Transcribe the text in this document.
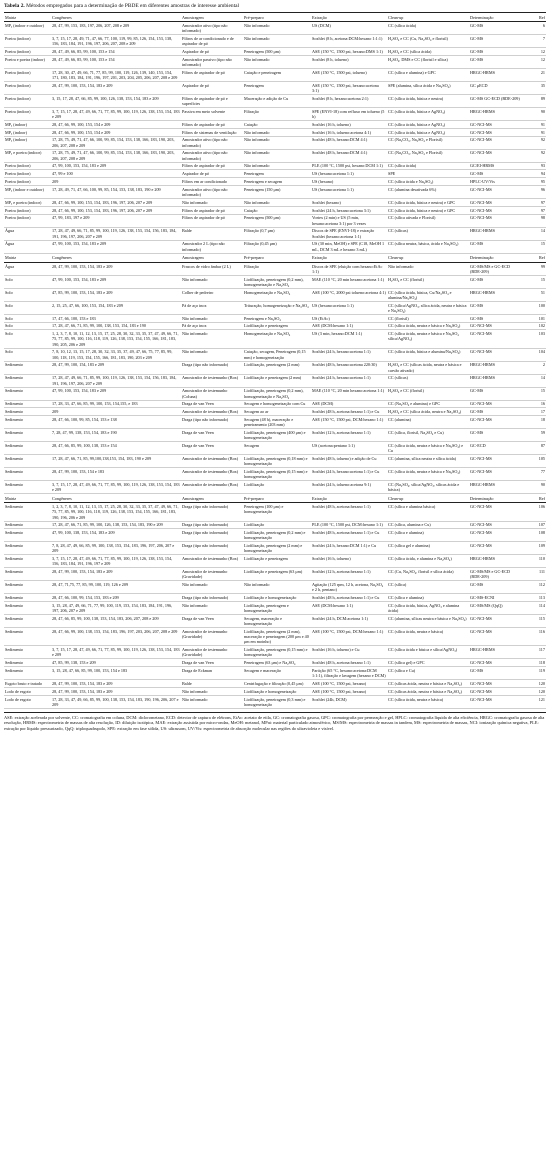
Tabela 2. Métodos empregados para a determinação de PBDE em diferentes amostras de interesse ambiental
Matriz	Congêneres	Amostragem	Pré-preparo	Extração	Clean-up	Determinação	Ref
MPₐ (indoor e outdoor)	28, 47, 99, 153, 183, 197, 206, 207, 208 e 209	Amostrador ativo (tipo não informado)	Não informado	US (DCM)	CC (sílica ácida)	GC-MS	6
Poeira (indoor)	3, 7, 15, 17, 28, 49, 71, 47, 66, 77, 100, 119, 99, 85, 126, 154, 153, 138, 156, 183, 184, 191, 196, 197, 206, 207, 208 e 209	Filtros de ar condicionado e de aspirador de pó	Não informado	Soxhlet (8 h, acetona:DCM:hexano 1:1:1)	H₂SO₄ e CC (Cu, Na₂SO₄ e florisil)	GC-MS	7
Poeira (indoor)	28, 47, 49, 66, 85, 99, 100, 153 e 154	Aspirador de pó	Peneiragem (500 μm)	ASE (150 °C, 1500 psi, hexano:DMS 1:1)	H₂SO₄ e CC (sílica ácida)	GC-MS	12
Poeira e poeira (indoor)	28, 47, 49, 66, 85, 99, 100, 153 e 154	Amostrador passivo (tipo não informado)	Não informado	Soxhlet (8 h, tolueno)	H₂SO₄, DMS e CC (florisil e sílica)	GC-MS	12
Poeira (indoor)	17, 28, 30, 47, 49, 66, 71, 77, 85, 99, 100, 119, 126, 139, 140, 153, 154, 171, 180, 183, 184, 191, 196, 197, 201, 203, 204, 205, 206, 207, 208 e 209	Filtros de aspirador de pó	Catação e peneiragem	ASE (150 °C, 1500 psi, tolueno)	CC (sílica e alumina) e GPC	HRGC-HRMS	21
Poeira (indoor)	28, 47, 99, 100, 153, 154, 183 e 209	Aspirador de pó	Peneiragem	ASE (150 °C, 1500 psi, hexano:acetona 3:1)	SPE (alumina, sílica ácida e Na₂SO₄)	GC μECD	35
Poeira (indoor)	3, 15, 17, 28, 47, 66, 85, 99, 100, 126, 138, 153, 154, 183 e 209	Filtros de aspirador de pó e superfícies	Maceração e adição de Cu	Soxhlet (8 h, hexano:acetona 2:1)	CC (sílica ácida, básica e neutra)	GC-MS GC-ECD (BDE-209)	89
Poeira (indoor)	3, 7, 15, 17, 28, 47, 49, 66, 71, 77, 85, 99, 100, 119, 126, 138, 153, 154, 183 e 209	Passiva em meio solvente	Filtração	SPE (ENVI-18) com refluxo em tolueno (5 h)	CC (sílica ácida, básica e AgNO₃)	HRGC-HRMS	90
MPₐ (indoor)	28, 47, 66, 99, 100, 153, 154 e 209	Filtros de aspirador de pó	Catação	Soxhlet (16 h, tolueno)	CC (sílica ácida, básica e AgNO₃)	GC-NCI-MS	91
MPₐ (indoor)	28, 47, 66, 99, 100, 153, 154 e 209	Filtros de sistemas de ventilação	Não informado	Soxhlet (16 h, tolueno:acetona 4:1)	CC (sílica ácida, básica e AgNO₃)	GC-NCI-MS	91
MPₐ (indoor)	17, 28, 75, 49, 71, 47, 66, 100, 99, 85, 154, 153, 138, 166, 183, 190, 203, 206, 207, 208 e 209	Amostrador ativo (tipo não informado)	Não informado	Soxhlet (48 h, hexano:DCM 4:1)	CC (Na₂CO₃, Na₂SO₄ e Florisil)	GC-NCI-MS	92
MPₐ e poeira (indoor)	17, 28, 75, 49, 71, 47, 66, 100, 99, 85, 154, 153, 138, 166, 183, 190, 203, 206, 207, 208 e 209	Amostrador ativo (tipo não informado)	Não informado	Soxhlet (48 h, hexano:DCM 4:1)	CC (Na₂CO₃, Na₂SO₄ e Florisil)	GC-NCI-MS	92
Poeira (indoor)	47, 99, 100, 153, 154, 183 e 209	Filtros de aspirador de pó	Não informado	PLE (100 °C, 1500 psi, hexano:DCM 1:1)	CC (sílica ácida)	GC/EI-HRMS	93
Poeira (indoor)	47, 99 e 100	Aspirador de pó	Peneiragem	US (hexano:acetona 1:1)	SPE	GC-MS	94
Poeira (indoor)	209	Filtros em ar condicionado	Peneiragem e secagem	US (hexano)	CC (sílica ácida e Na₂SO₄)	HPLC-UV/Vis	95
MPₐ (indoor e outdoor)	17, 28, 49, 71, 47, 66, 100, 99, 85, 154, 153, 138, 183, 190 e 209	Amostrador ativo (tipo não informado)	Peneiragem (150 μm)	US (hexano:acetona 1:1)	CC (alumina desativada 6%)	GC-NCI-MS	96
MPₐ e poeira (indoor)	28, 47, 66, 99, 100, 153, 154, 183, 196, 197, 206, 207 e 209	Não informado	Não informado	Soxhlet (hexano)	CC (sílica ácida, básica e neutra) e GPC	GC-NCI-MS	97
Poeira (indoor)	28, 47, 66, 99, 100, 153, 154, 183, 196, 197, 206, 207 e 209	Filtros de aspirador de pó	Catação	Soxhlet (24 h, hexano:acetona 3:1)	CC (sílica ácida, básica e neutra) e GPC	GC-NCI-MS	97
Poeira (indoor)	47, 99, 183, 197 e 209	Filtros de aspirador de pó	Peneiragem (500 μm)	Vortex (2 min) e US (5 min, hexano:acetona 3:1) por 3 vezes	CC (sílica ativada e Florisil)	GC-NCI-MS	98
Água	17, 28, 47, 49, 66, 71, 85, 99, 100, 119, 126, 138, 153, 154, 156, 183, 184, 191, 196, 197, 206, 207 e 209	Balde	Filtração (0,7 μm)	Discos de SPE (ENVI-18) e extração Soxhlet (hexano:acetona 1:1)	CC (sílicas)	HRGC-HRMS	14
Água	47, 99, 100, 153, 154, 183 e 209	Amostrador 2 L (tipo não informado)	Filtração (0,45 μm)	US (30 min, MeOH) e SPE (C18, MeOH 1 mL, DCM 3 mL e hexano 3 mL)	CC (sílica neutra, básica, ácida e Na₂SO₄)	GC-MS	15
Matriz	Congêneres	Amostragem	Pré-preparo	Extração	Clean-up	Determinação	Ref
Água	28, 47, 99, 100, 153, 154, 183 e 209	Frascos de vidro âmbar (2 L)	Filtração	Discos de SPE (eluição com hexano:EtAc 1:1)	Não informado	GC-MS/MS e GC-ECD (BDE-209)	99
Solo	47, 99, 100, 153, 154, 183 e 209	Não informado	Liofilização, peneiragem (0,2 mm), homogeneização e Na₂SO₄	MAE (110 °C, 20 min hexano:acetona 1:1)	H₂SO₄ e CC (florisil)	GC-MS	15
Solo	47, 85, 99, 100, 153, 154, 183 e 209	Colher de pedreiro	Homogeneização e Na₂SO₄	ASE (100 °C, 2000 psi tolueno:acetona 4:1)	CC (sílica ácida, básica, Cu/Na₂SO₄ e alumina/Na₂SO₄)	HRGC-HRMS	51
Solo	2, 15, 25, 47, 66, 100, 153, 154, 183 e 209	Pá de aço inox	Trituração, homogeneização e Na₂SO₄	US (hexano:acetona 1:1)	CC (sílica/AgNO₃, sílica ácida, neutra e básica e Na₂SO₄)	GC-MS	100
Solo	17, 47, 66, 100, 153 e 183	Não informado	Peneiragem e Na₂SO₄	US (EtAc)	CC (florisil)	GC-MS	101
Solo	17, 28, 47, 66, 71, 85, 99, 100, 138, 153, 154, 183 e 190	Pá de aço inox	Liofilização e peneiragem	ASE (DCM:hexano 1:1)	CC (sílica ácida, neutra e básica e Na₂SO₄)	GC-NCI-MS	102
Solo	1, 2, 3, 7, 8, 10, 11, 12, 13, 15, 17, 25, 28, 30, 32, 33, 35, 37, 47, 49, 66, 71, 75, 77, 85, 99, 100, 116, 118, 119, 126, 138, 153, 154, 155, 166, 181, 183, 190, 205, 206 e 209	Não informado	Homogeneização e Na₂SO₄	US (3 min, hexano:DCM 1:1)	CC (sílica ácida, neutra e básica e Na₂SO₄ sílica/AgNO₃)	GC-NCI-MS	103
Solo	7, 8, 10, 12, 13, 15, 17, 28, 30, 32, 33, 35, 37, 49, 47, 66, 75, 77, 85, 99, 100, 118, 119, 153, 154, 155, 166, 181, 183, 190, 203 e 209	Não informado	Catação, secagem, Peneiragem (0,15 mm) e homogeneização	Soxhlet (24 h, hexano:acetona 1:1)	CC (sílica ácida, básica e alumina/Na₂SO₄)	GC-NCI-MS	104
Sedimento	28, 47, 99, 100, 154, 183 e 209	Draga (tipo não informado)	Liofilização, peneiragem (2 mm)	Soxhlet (48 h, hexano:acetona 220:30)	H₂SO₄ e CC (sílicas ácida, neutra e básica e carvão ativado)	HRGC-HRMS	2
Sedimento	17, 28, 47, 49, 66, 71, 85, 99, 100, 119, 126, 138, 153, 154, 156, 183, 184, 191, 196, 197, 206, 207 e 209	Amostrador de testemunho (Box)	Liofilização e peneiragem (2 mm)	Soxhlet (24 h, hexano:acetona 1:1)	CC (sílicas)	HRGC-HRMS	14
Sedimento	47, 99, 100, 153, 154, 183 e 209	Amostrador de testemunho (Coluna)	Liofilização, peneiragem (0,2 mm), homogeneização e Na₂SO₄	MAE (110 °C, 20 min hexano:acetona 1:1)	H₂SO₄ e CC (florisil)	GC-MS	15
Sedimento	17, 28, 33, 47, 66, 85, 99, 100, 153, 154,155, e 183	Draga de van Veen	Secagem e homogeneização com Cu	ASE (DCM)	CC (Na₂SO₄ e alumina) e GPC	GC-NCI-MS	16
Sedimento	209	Amostrador de testemunho (Box)	Secagem ao ar	Soxhlet (48 h, acetona:hexano 1:1) e Cu	H₂SO₄ e CC (sílica ácida, neutra e Na₂SO₄)	GC-MS	17
Sedimento	28, 47, 66, 100, 99, 85, 154, 153 e 138	Draga (tipo não informado)	Secagem (48 h), maceração e peneiramento (203 mm)	ASE (150 °C, 1500 psi, DCM:hexano 1:1)	CC (alumina)	GC-NCI-MS	18
Sedimento	7, 28, 47, 99, 138, 153, 154, 183 e 190	Draga de van Veen	Liofilização, peneiragem (400 μm) e homogeneização	Soxhlet (12 h, acetona:hexano 1:1)	CC (sílica, florisil, Na₂SO₄ e Cu)	GC-MS	59
Sedimento	28, 47, 66, 85, 99, 100, 138, 153 e 154	Draga de van Veen	Secagem	US (acetona:pentano 1:1)	CC (sílica ácida, neutra e básica e Na₂SO₄) e Cu	GC-ECD	87
Sedimento	17, 28, 47, 66, 71, 85, 99,100,138,153, 154, 183, 190 e 209	Amostrador de testemunho (Box)	Liofilização, peneiragem (0,18 mm) e homogeneização	Soxhlet (48 h, tolueno) e adição de Cu	CC (alumina, sílica neutra e sílica ácida)	GC-NCI-MS	105
Sedimento	28, 47, 99, 100, 153, 154 e 183	Amostrador de testemunho (Box)	Liofilização, peneiragem (0,15 mm) e homogeneização	Soxhlet (24 h, hexano:acetona 1:1) e Cu	CC (sílica ácida, neutra e básica e Na₂SO₄)	GC-NCI-MS	77
Sedimento	3, 7, 15, 17, 28, 47, 49, 66, 71, 77, 85, 99, 100, 119, 126, 138, 153, 154, 183 e 209	Amostrador de testemunho (Box)	Liofilização	Soxhlet (24 h, tolueno:acetona 9:1)	CC (Na₂SO₄, sílica/AgNO₃, sílicas ácida e básica)	HRGC-HRMS	90
Matriz	Congêneres	Amostragem	Pré-preparo	Extração	Clean-up	Determinação	Ref
Sedimento	1, 2, 3, 7, 8, 10, 11, 12, 13, 15, 17, 25, 28, 30, 32, 33, 35, 37, 47, 49, 66, 71, 75, 77, 85, 99, 100, 116, 118, 119, 126, 138, 153, 154, 155, 166, 181, 183, 190, 196, 206 e 209	Draga (tipo não informado)	Peneiragem (100 μm) e homogeneização	Soxhlet (48 h, acetona:hexano 1:1)	CC (sílica e alumina básica)	GC-NCI-MS	106
Sedimento	17, 28, 47, 66, 71, 85, 99, 100, 126, 138, 153, 154, 183, 190 e 209	Draga (tipo não informado)	Liofilização	PLE (100 °C, 1500 psi, DCM:hexano 1:1)	CC (sílica, alumina e Cu)	GC-NCI-MS	107
Sedimento	47, 99, 100, 138, 153, 154, 183 e 209	Draga (tipo não informado)	Liofilização, peneiragem (0,2 mm) e homogeneização	Soxhlet (48 h, acetona:hexano 1:1) e Cu	CC (sílica e alumina)	GC-NCI-MS	108
Sedimento	7, 8, 28, 47, 49, 66, 85, 99, 100, 138, 153, 154, 183, 196, 197, 206, 207 e 209	Draga (tipo não informado)	Liofilização, peneiragem (2 mm) e homogeneização	Soxhlet (24 h, hexano:DCM 1:1) e Cu	CC (sílica gel e alumina)	GC-NCI-MS	109
Sedimento	3, 7, 15, 17, 28, 47, 49, 66, 71, 77, 85, 99, 100, 119, 126, 138, 153, 154, 156, 183, 184, 191, 196, 197 e 209	Amostrador de testemunho (Box)	Liofilização e peneiragem	Soxhlet (16 h, tolueno)	CC (sílica ácida, e alumina e Na₂SO₄)	HRGC-HRMS	110
Sedimento	28, 47, 99, 100, 153, 154, 183 e 209	Amostrador de testemunho (Gravidade)	Liofilização e peneiragem (63 μm)	Soxhlet (12 h, acetona:hexano 1:1)	CC (Cu, Na₂SO₄, florisil e sílica ácida)	GC-MS/MS e GC-ECD (BDE-209)	111
Sedimento	28, 47, 71,75, 77, 85, 99, 100, 119, 126 e 209	Não informado	Não informado	Agitação (125 rpm, 12 h, acetona, Na₂SO₄ e 2 h, pentano)	CC (sílica)	GC-MS	112
Sedimento	28, 47, 66, 100, 99, 154, 153, 183 e 209	Draga (tipo não informado)	Liofilização e homogeneização	Soxhlet (48 h, acetona:hexano 1:1) e Cu	CC (sílica e alumina)	GC-MS-ECNI	113
Sedimento	3, 15, 28, 47, 49, 66, 71, 77, 99, 100, 119, 153, 154, 183, 184, 191, 196, 197, 206, 207 e 209	Não informado	Liofilização, peneiragem e homogeneização	ASE (DCM:hexano 1:1)	CC (sílica ácida, básica, AgNO₃ e alumina ácida)	GC-MS/MS (QqQ)	114
Sedimento	28, 47, 66, 85, 99, 100, 138, 153, 154, 183, 206, 207, 208 e 209	Draga de van Veen	Secagem, maceração e homogeneização	Soxhlet (24 h, DCM:acetona 1:1)	CC (alumina, sílicas neutra e básica e Na₂SO₄)	GC-NCI-MS	115
Sedimento	28, 47, 66, 99, 100, 138, 153, 154, 183, 196, 197, 203, 206, 207, 208 e 209	Amostrador de testemunho (Gravidade)	Liofilização, peneiragem (2 mm), maceração e peneiragem (200 μm e 40 μm em moinho)	ASE (100 °C, 1500 psi, DCM:hexano 1:1)	CC (sílica ácida, neutra e básica)	GC-NCI-MS	116
Sedimento	3, 7, 15, 17, 28, 47, 49, 66, 71, 77, 85, 99, 100, 119, 126, 138, 153, 154, 183 e 209	Amostrador de testemunho (Gravidade)	Liofilização, peneiragem (0,15 mm) e homogeneização	Soxhlet (16 h, tolueno) e Cu	CC (sílica ácida e básica e sílica/AgNO₃)	HRGC-HRMS	117
Sedimento	47, 85, 99, 138, 153 e 209	Draga de van Veen	Peneiragem (63 μm) e Na₂SO₄	Soxhlet (48 h, acetona:hexano 1:1)	CC (sílica gel) e GPC	GC-NCI-MS	118
Sedimento	3, 15, 28, 47, 66, 85, 99, 100, 153, 154 e 183	Draga de Eckman	Secagem e maceração	Partição (65 °C, hexano:acetona:DCM 1:1:1), filtração e lavagem (hexano e DCM)	CC (sílica e Cu)	GC-MS	119
Esgoto bruto e tratado	28, 47, 99, 100, 153, 154, 183 e 209	Balde	Centrifugação e filtração (0,45 μm)	ASE (100 °C, 1500 psi, hexano)	CC (sílicas ácida, neutra e básica e Na₂SO₄)	GC-NCI-MS	120
Lodo de esgoto	28, 47, 99, 100, 153, 154, 183 e 209	Não informado	Liofilização e homogeneização	ASE (100 °C, 1500 psi, hexano)	CC (sílicas ácida, neutra e básica e Na₂SO₄)	GC-NCI-MS	120
Lodo de esgoto	17, 28, 33, 47, 49, 66, 85, 99, 100, 138, 153, 154, 183, 190, 196, 206, 207 e 209	Não informado	Liofilização, peneiragem (0,3 mm) e homogeneização	Soxhlet (24h, DCM)	CC (sílica ácida, neutra e básica)	GC-NCI-MS	121
ASE: extração acelerada por solvente, CC: cromatografia em coluna, DCM: diclorometano, ECD: detector de captura de elétrons, EtAc: acetato de etila, GC: cromatografia gasosa, GPC: cromatografia por permeação e gel, HPLC: cromatografia líquida de alta eficiência, HRGC: cromatografia gasosa de alta resolução, HRMS: espectrometria de massas de alta resolução, ID: diluição isotópica, MAE: extração assistida por micro-ondas, MeOH: metanol, MPat: material particulado atmosférico, MS/MS: espectrometria de massas in tandem, MS: espectrometria de massas, NCI: ionização química negativa, PLE: extração por líquido pressurizado, QqQ: triploquadrupolo, SPE: extração em fase sólida, US: ultrassom, UV/Vis: espectrometria de absorção molecular nas regiões do ultravioleta e visível.
